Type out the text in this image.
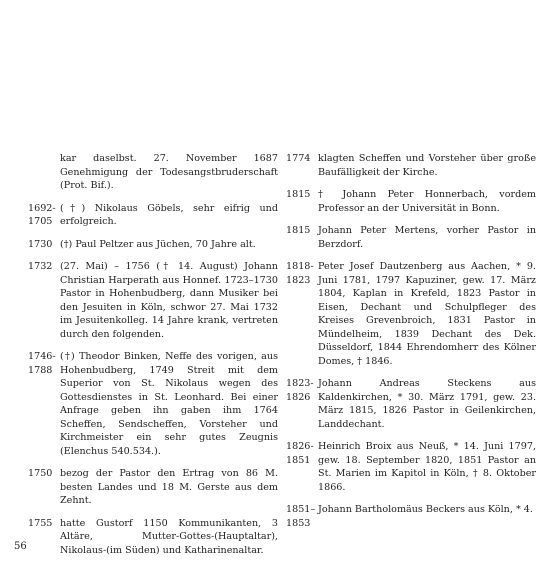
kar daselbst. 27. November 1687 Genehmigung der Todesangstbruderschaft (Prot. Bif.).
1692-
1705
(†) Nikolaus Göbels, sehr eifrig und erfolgreich.
1730 (†) Paul Peltzer aus Jüchen, 70 Jahre alt.
1732 (27. Mai) – 1756 († 14. August) Johann Christian Harperath aus Honnef. 1723–1730 Pastor in Hohenbudberg, dann Musiker bei den Jesuiten in Köln, schwor 27. Mai 1732 im Jesuitenkolleg. 14 Jahre krank, vertreten durch den folgenden.
1746-
1788
(†) Theodor Binken, Neffe des vorigen, aus Hohenbudberg, 1749 Streit mit dem Superior von St. Nikolaus wegen des Gottesdienstes in St. Leonhard. Bei einer Anfrage geben ihn gaben ihm 1764 Scheffen, Sendscheffen, Vorsteher und Kirchmeister ein sehr gutes Zeugnis (Elenchus 540.534.).
1750 bezog der Pastor den Ertrag von 86 M. besten Landes und 18 M. Gerste aus dem Zehnt.
1755 hatte Gustorf 1150 Kommunikanten, 3 Altäre, Mutter-Gottes-(Hauptaltar), Nikolaus-(im Süden) und Katharinenaltar.
1774 klagten Scheffen und Vorsteher über große Baufälligkeit der Kirche.
1815 † Johann Peter Honnerbach, vordem Professor an der Universität in Bonn.
1815 Johann Peter Mertens, vorher Pastor in Berzdorf.
1818-
1823
Peter Josef Dautzenberg aus Aachen, * 9. Juni 1781, 1797 Kapuziner, gew. 17. März 1804, Kaplan in Krefeld, 1823 Pastor in Eisen, Dechant und Schulpfleger des Kreises Grevenbroich, 1831 Pastor in Mündelheim, 1839 Dechant des Dek. Düsseldorf, 1844 Ehrendomherr des Kölner Domes, † 1846.
1823-
1826
Johann Andreas Steckens aus Kaldenkirchen, * 30. März 1791, gew. 23. März 1815, 1826 Pastor in Geilenkirchen, Landdechant.
1826-
1851
Heinrich Broix aus Neuß, * 14. Juni 1797, gew. 18. September 1820, 1851 Pastor an St. Marien im Kapitol in Köln, † 8. Oktober 1866.
1851–
1853
Johann Bartholomäus Beckers aus Köln, * 4.
56
